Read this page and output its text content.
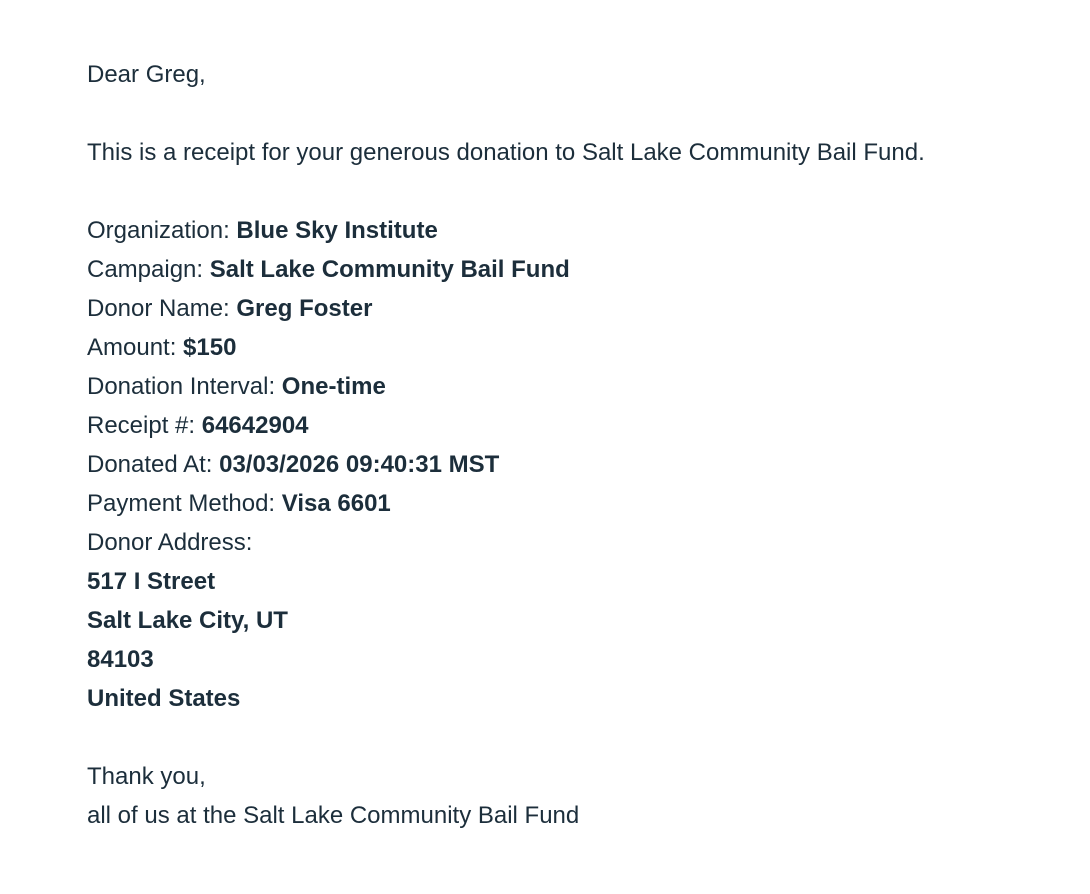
Dear Greg,
This is a receipt for your generous donation to Salt Lake Community Bail Fund.
Organization: Blue Sky Institute
Campaign: Salt Lake Community Bail Fund
Donor Name: Greg Foster
Amount: $150
Donation Interval: One-time
Receipt #: 64642904
Donated At: 03/03/2026 09:40:31 MST
Payment Method: Visa 6601
Donor Address:
517 I Street
Salt Lake City, UT
84103
United States
Thank you,
all of us at the Salt Lake Community Bail Fund
